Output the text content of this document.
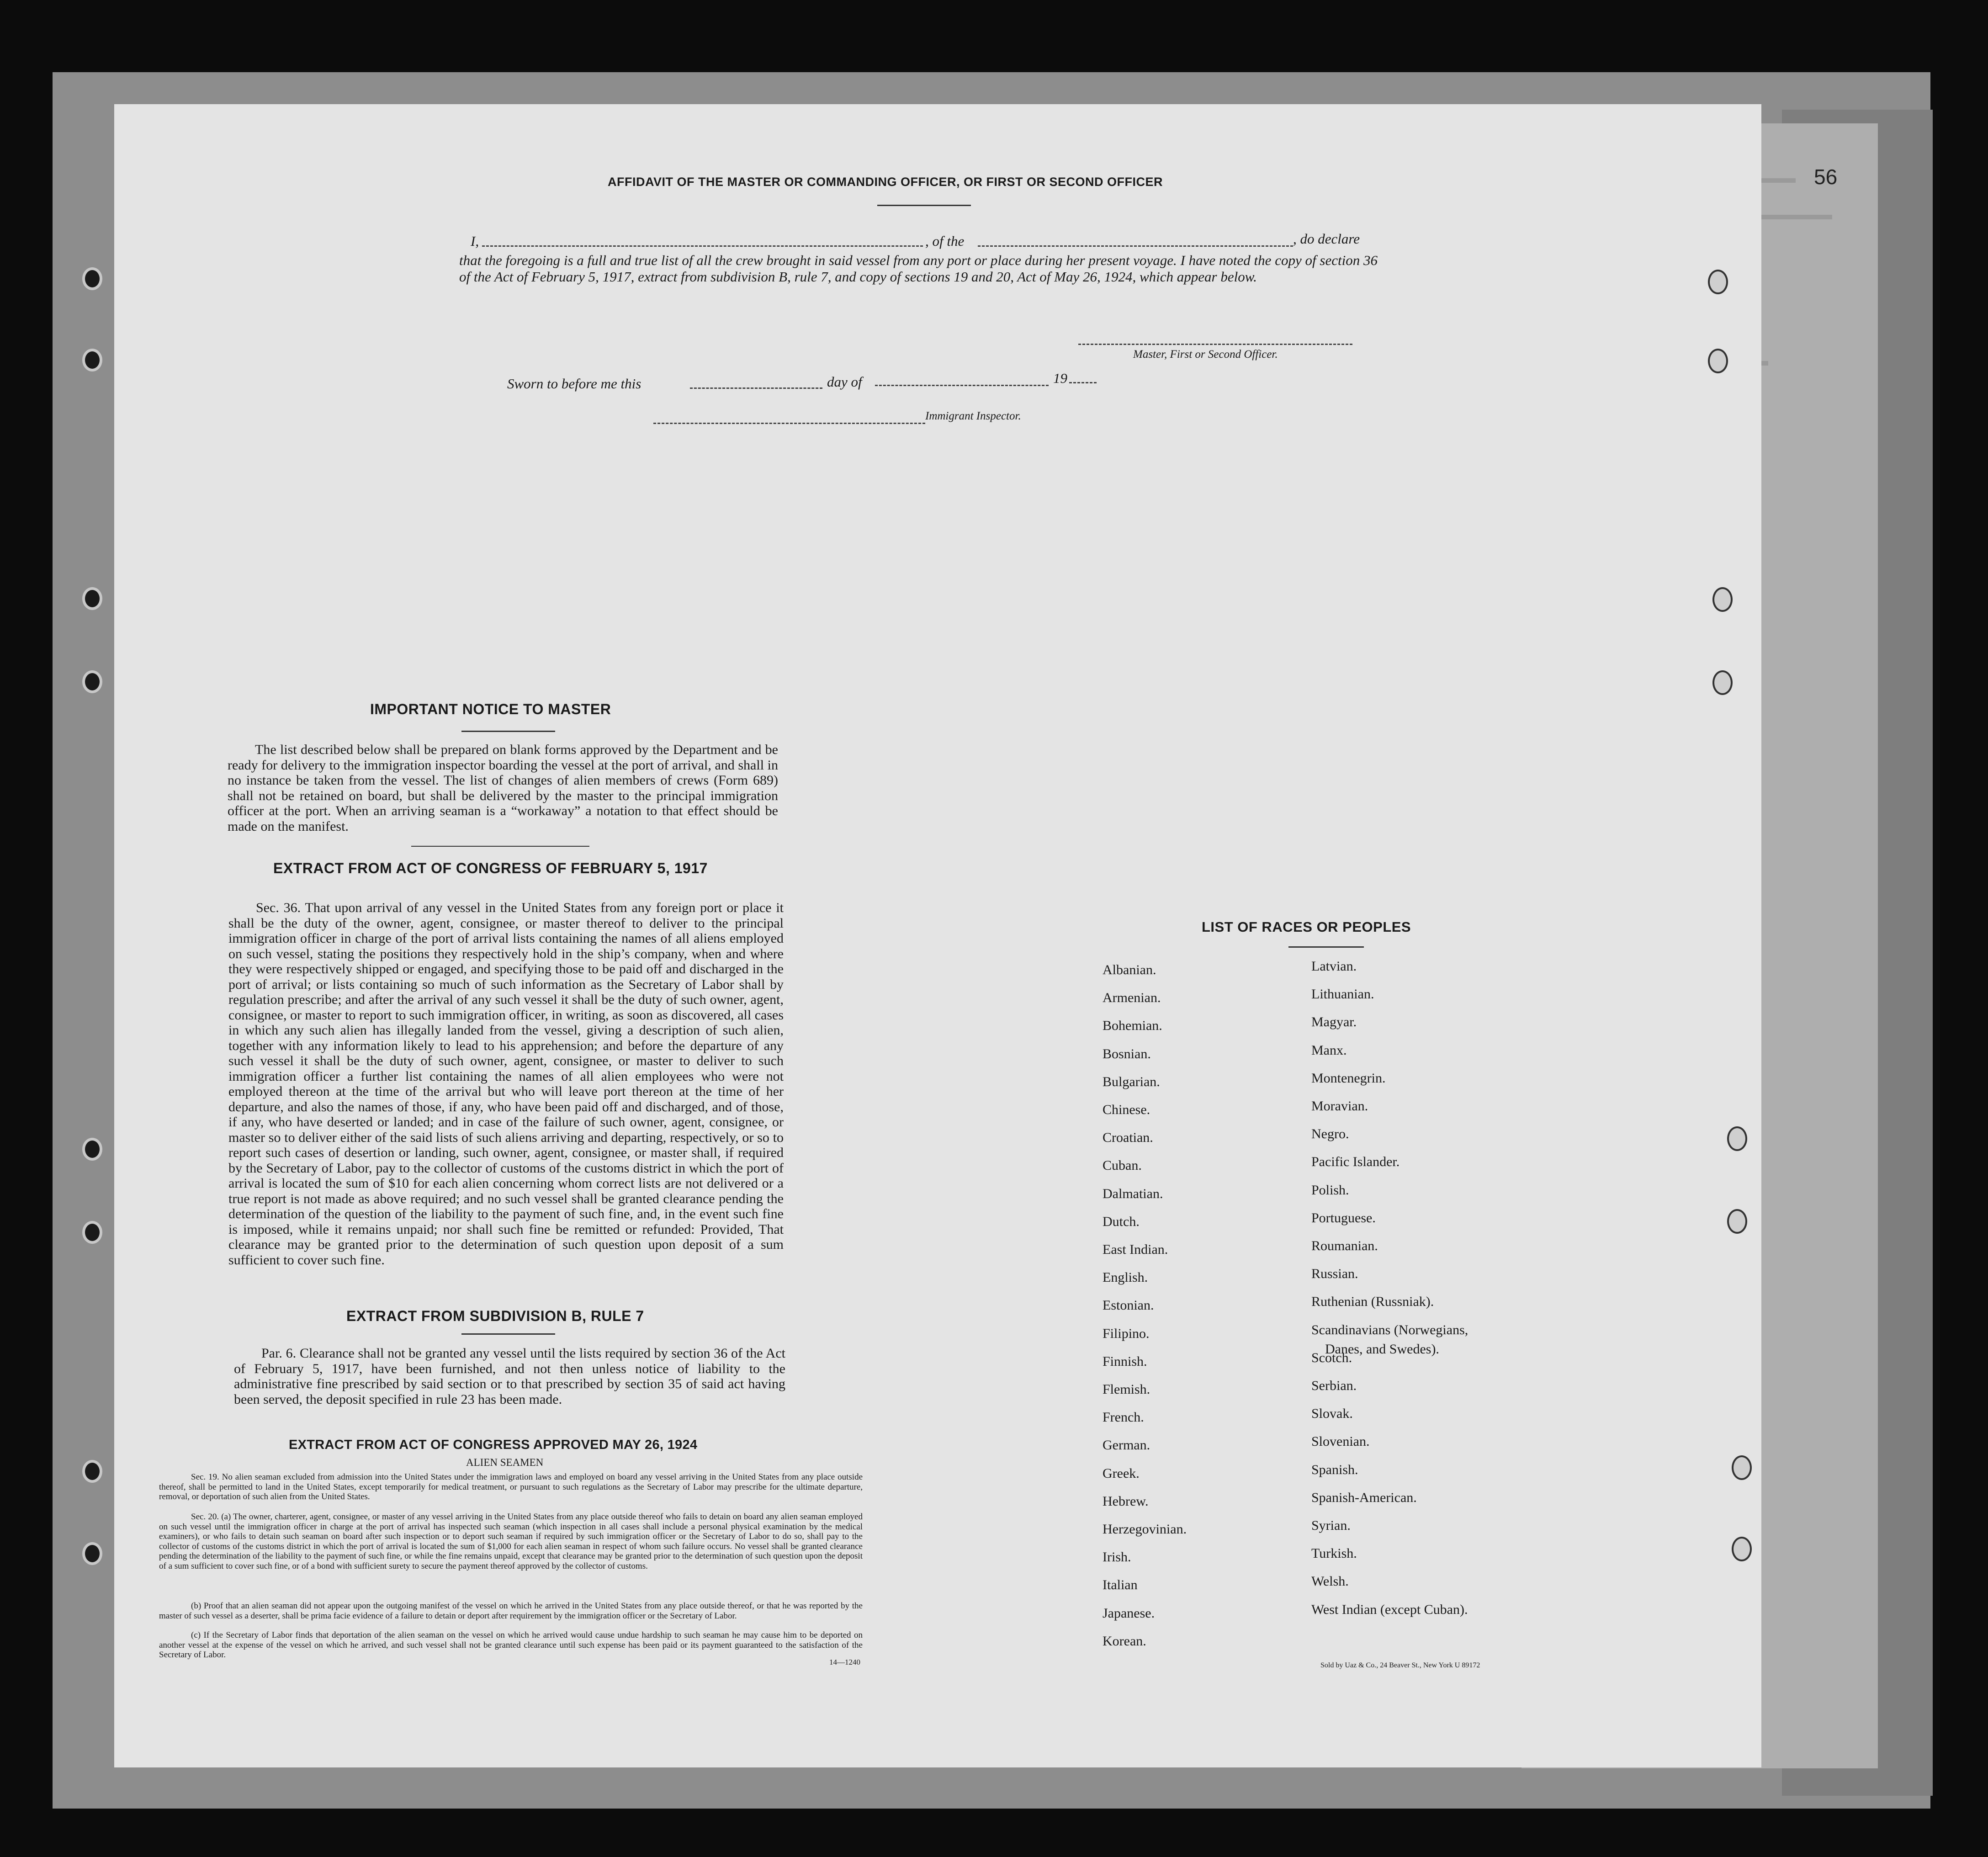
56
AFFIDAVIT OF THE MASTER OR COMMANDING OFFICER, OR FIRST OR SECOND OFFICER
I,	, of the	, do declare
that the foregoing is a full and true list of all the crew brought in said vessel from any port or place during her present voyage. I have noted the copy of section 36 of the Act of February 5, 1917, extract from subdivision B, rule 7, and copy of sections 19 and 20, Act of May 26, 1924, which appear below.
Master, First or Second Officer.
Sworn to before me this	day of	19
Immigrant Inspector.
IMPORTANT NOTICE TO MASTER
The list described below shall be prepared on blank forms approved by the Department and be ready for delivery to the immigration inspector boarding the vessel at the port of arrival, and shall in no instance be taken from the vessel. The list of changes of alien members of crews (Form 689) shall not be retained on board, but shall be delivered by the master to the principal immigration officer at the port. When an arriving seaman is a “workaway” a notation to that effect should be made on the manifest.
EXTRACT FROM ACT OF CONGRESS OF FEBRUARY 5, 1917
Sec. 36. That upon arrival of any vessel in the United States from any foreign port or place it shall be the duty of the owner, agent, consignee, or master thereof to deliver to the principal immigration officer in charge of the port of arrival lists containing the names of all aliens employed on such vessel, stating the positions they respectively hold in the ship’s company, when and where they were respectively shipped or engaged, and specifying those to be paid off and discharged in the port of arrival; or lists containing so much of such information as the Secretary of Labor shall by regulation prescribe; and after the arrival of any such vessel it shall be the duty of such owner, agent, consignee, or master to report to such immigration officer, in writing, as soon as discovered, all cases in which any such alien has illegally landed from the vessel, giving a description of such alien, together with any information likely to lead to his apprehension; and before the departure of any such vessel it shall be the duty of such owner, agent, consignee, or master to deliver to such immigration officer a further list containing the names of all alien employees who were not employed thereon at the time of the arrival but who will leave port thereon at the time of her departure, and also the names of those, if any, who have been paid off and discharged, and of those, if any, who have deserted or landed; and in case of the failure of such owner, agent, consignee, or master so to deliver either of the said lists of such aliens arriving and departing, respectively, or so to report such cases of desertion or landing, such owner, agent, consignee, or master shall, if required by the Secretary of Labor, pay to the collector of customs of the customs district in which the port of arrival is located the sum of $10 for each alien concerning whom correct lists are not delivered or a true report is not made as above required; and no such vessel shall be granted clearance pending the determination of the question of the liability to the payment of such fine, and, in the event such fine is imposed, while it remains unpaid; nor shall such fine be remitted or refunded: Provided, That clearance may be granted prior to the determination of such question upon deposit of a sum sufficient to cover such fine.
EXTRACT FROM SUBDIVISION B, RULE 7
Par. 6. Clearance shall not be granted any vessel until the lists required by section 36 of the Act of February 5, 1917, have been furnished, and not then unless notice of liability to the administrative fine prescribed by said section or to that prescribed by section 35 of said act having been served, the deposit specified in rule 23 has been made.
EXTRACT FROM ACT OF CONGRESS APPROVED MAY 26, 1924
ALIEN SEAMEN
Sec. 19. No alien seaman excluded from admission into the United States under the immigration laws and employed on board any vessel arriving in the United States from any place outside thereof, shall be permitted to land in the United States, except temporarily for medical treatment, or pursuant to such regulations as the Secretary of Labor may prescribe for the ultimate departure, removal, or deportation of such alien from the United States.
Sec. 20. (a) The owner, charterer, agent, consignee, or master of any vessel arriving in the United States from any place outside thereof who fails to detain on board any alien seaman employed on such vessel until the immigration officer in charge at the port of arrival has inspected such seaman (which inspection in all cases shall include a personal physical examination by the medical examiners), or who fails to detain such seaman on board after such inspection or to deport such seaman if required by such immigration officer or the Secretary of Labor to do so, shall pay to the collector of customs of the customs district in which the port of arrival is located the sum of $1,000 for each alien seaman in respect of whom such failure occurs. No vessel shall be granted clearance pending the determination of the liability to the payment of such fine, or while the fine remains unpaid, except that clearance may be granted prior to the determination of such question upon the deposit of a sum sufficient to cover such fine, or of a bond with sufficient surety to secure the payment thereof approved by the collector of customs.
(b) Proof that an alien seaman did not appear upon the outgoing manifest of the vessel on which he arrived in the United States from any place outside thereof, or that he was reported by the master of such vessel as a deserter, shall be prima facie evidence of a failure to detain or deport after requirement by the immigration officer or the Secretary of Labor.
(c) If the Secretary of Labor finds that deportation of the alien seaman on the vessel on which he arrived would cause undue hardship to such seaman he may cause him to be deported on another vessel at the expense of the vessel on which he arrived, and such vessel shall not be granted clearance until such expense has been paid or its payment guaranteed to the satisfaction of the Secretary of Labor.
14—1240
LIST OF RACES OR PEOPLES
Albanian.
Armenian.
Bohemian.
Bosnian.
Bulgarian.
Chinese.
Croatian.
Cuban.
Dalmatian.
Dutch.
East Indian.
English.
Estonian.
Filipino.
Finnish.
Flemish.
French.
German.
Greek.
Hebrew.
Herzegovinian.
Irish.
Italian
Japanese.
Korean.
Latvian.
Lithuanian.
Magyar.
Manx.
Montenegrin.
Moravian.
Negro.
Pacific Islander.
Polish.
Portuguese.
Roumanian.
Russian.
Ruthenian (Russniak).
Scandinavians (Norwegians,
Danes, and Swedes).
Scotch.
Serbian.
Slovak.
Slovenian.
Spanish.
Spanish-American.
Syrian.
Turkish.
Welsh.
West Indian (except Cuban).
Sold by Uaz & Co., 24 Beaver St., New York U 89172
